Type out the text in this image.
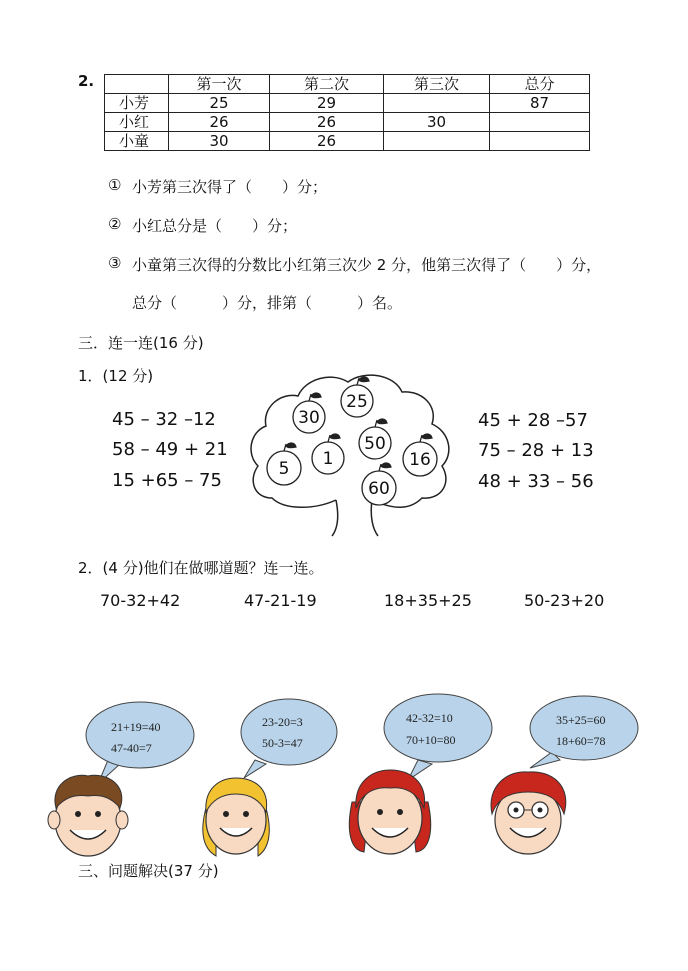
2.
		第一次	第二次	第三次	总分
小芳	25	29		87
小红	26	26	30	
小童	30	26		
① 小芳第三次得了（　　）分；
② 小红总分是（　　）分；
③ 小童第三次得的分数比小红第三次少 2 分，他第三次得了（　　）分，
总分（　　　）分，排第（　　　）名。
三．连一连(16 分)
1．(12 分)
45 – 32 –12
58 – 49 + 21
15 +65 – 75
45 + 28 –57
75 – 28 + 13
48 + 33 – 56
30
25
5 1
50
16
60
2．(4 分)他们在做哪道题？连一连。
70-32+42	47-21-19	18+35+25	50-23+20
21+19=40
47-40=7
23-20=3
50-3=47
42-32=10
70+10=80
35+25=60
18+60=78
三、问题解决(37 分)
